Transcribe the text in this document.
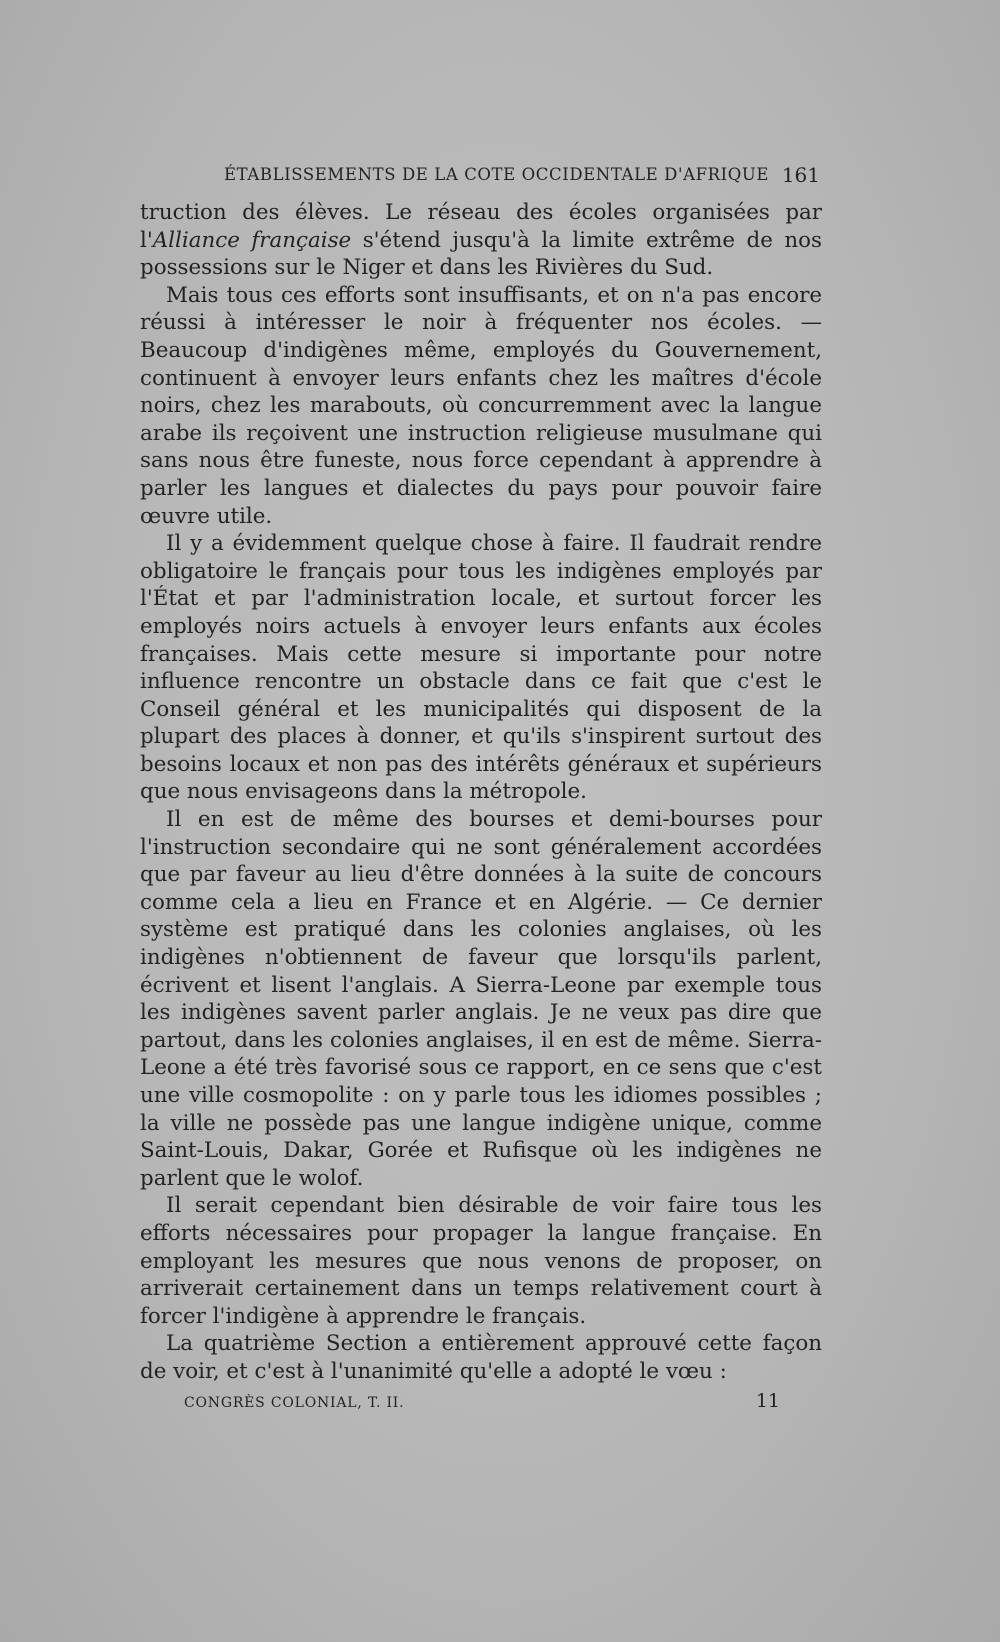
ÉTABLISSEMENTS DE LA COTE OCCIDENTALE D'AFRIQUE 161

truction des élèves. Le réseau des écoles organisées par l'Alliance française s'étend jusqu'à la limite extrême de nos possessions sur le Niger et dans les Rivières du Sud.

Mais tous ces efforts sont insuffisants, et on n'a pas encore réussi à intéresser le noir à fréquenter nos écoles. — Beaucoup d'indigènes même, employés du Gouvernement, continuent à envoyer leurs enfants chez les maîtres d'école noirs, chez les marabouts, où concurremment avec la langue arabe ils reçoivent une instruction religieuse musulmane qui sans nous être funeste, nous force cependant à apprendre à parler les langues et dialectes du pays pour pouvoir faire œuvre utile.

Il y a évidemment quelque chose à faire. Il faudrait rendre obligatoire le français pour tous les indigènes employés par l'État et par l'administration locale, et surtout forcer les employés noirs actuels à envoyer leurs enfants aux écoles françaises. Mais cette mesure si importante pour notre influence rencontre un obstacle dans ce fait que c'est le Conseil général et les municipalités qui disposent de la plupart des places à donner, et qu'ils s'inspirent surtout des besoins locaux et non pas des intérêts généraux et supérieurs que nous envisageons dans la métropole.

Il en est de même des bourses et demi-bourses pour l'instruction secondaire qui ne sont généralement accordées que par faveur au lieu d'être données à la suite de concours comme cela a lieu en France et en Algérie. — Ce dernier système est pratiqué dans les colonies anglaises, où les indigènes n'obtiennent de faveur que lorsqu'ils parlent, écrivent et lisent l'anglais. A Sierra-Leone par exemple tous les indigènes savent parler anglais. Je ne veux pas dire que partout, dans les colonies anglaises, il en est de même. Sierra-Leone a été très favorisé sous ce rapport, en ce sens que c'est une ville cosmopolite : on y parle tous les idiomes possibles ; la ville ne possède pas une langue indigène unique, comme Saint-Louis, Dakar, Gorée et Rufisque où les indigènes ne parlent que le wolof.

Il serait cependant bien désirable de voir faire tous les efforts nécessaires pour propager la langue française. En employant les mesures que nous venons de proposer, on arriverait certainement dans un temps relativement court à forcer l'indigène à apprendre le français.

La quatrième Section a entièrement approuvé cette façon de voir, et c'est à l'unanimité qu'elle a adopté le vœu :

CONGRÈS COLONIAL, T. II.	11
